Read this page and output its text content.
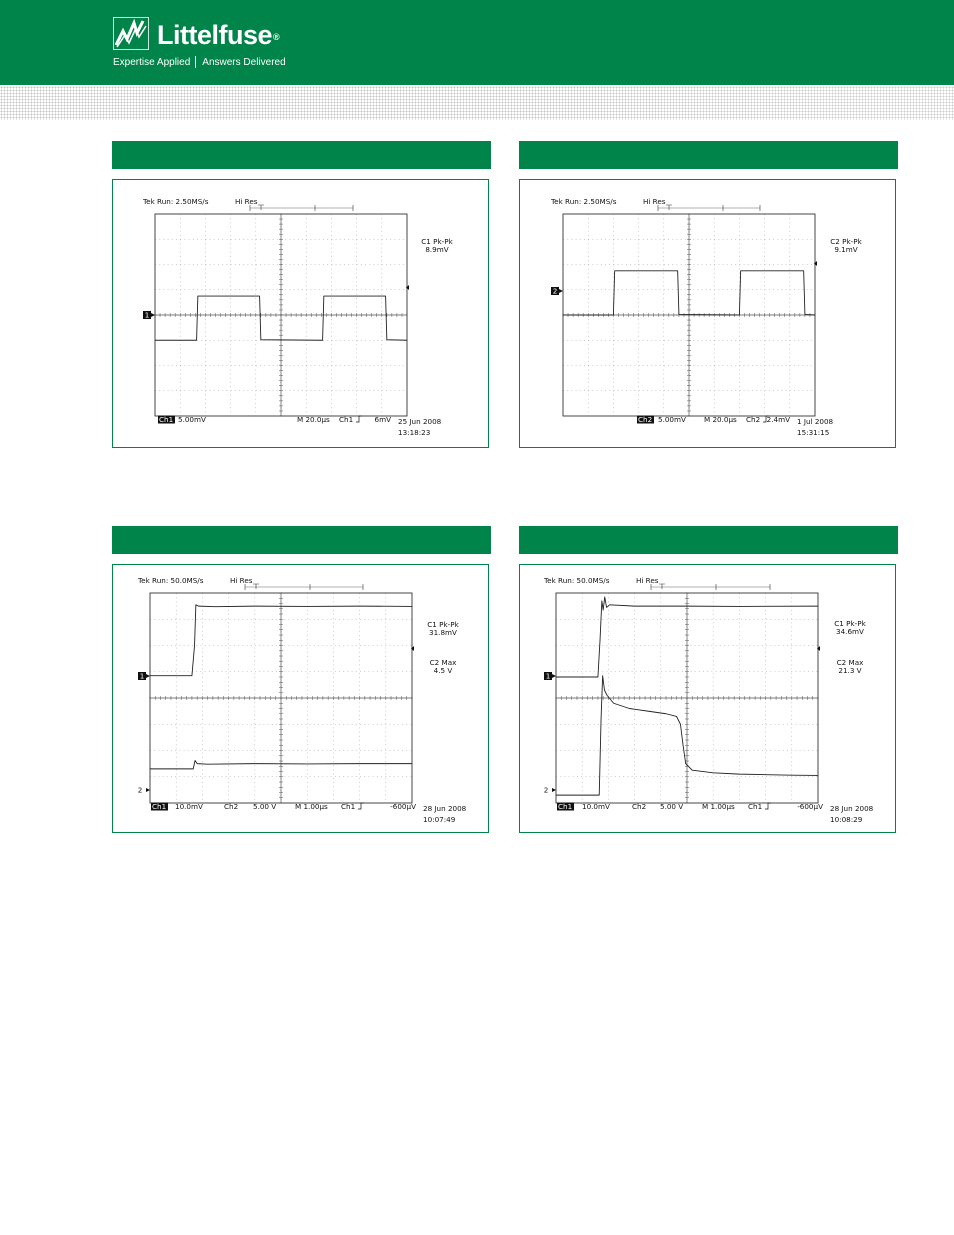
Littelfuse®
Expertise Applied Answers Delivered
Tek Run: 2.50MS/s	Hi Res
1
C1 Pk-Pk
8.9mV
Ch1 5.00mV	M 20.0µs Ch1	6mV 25 Jun 2008
13:18:23
Tek Run: 2.50MS/s	Hi Res
2
C2 Pk-Pk
9.1mV
Ch2 5.00mV	M 20.0µs Ch2 2.4mV 1 Jul 2008
15:31:15
Tek Run: 50.0MS/s	Hi Res
1
2
C1 Pk-Pk
31.8mV
C2 Max
4.5 V
Ch1 10.0mV	Ch2 5.00 V	M 1.00µs Ch1	-600µV 28 Jun 2008
10:07:49
Tek Run: 50.0MS/s	Hi Res
1
2
C1 Pk-Pk
34.6mV
C2 Max
21.3 V
Ch1 10.0mV	Ch2 5.00 V	M 1.00µs Ch1	-600µV 28 Jun 2008
10:08:29
